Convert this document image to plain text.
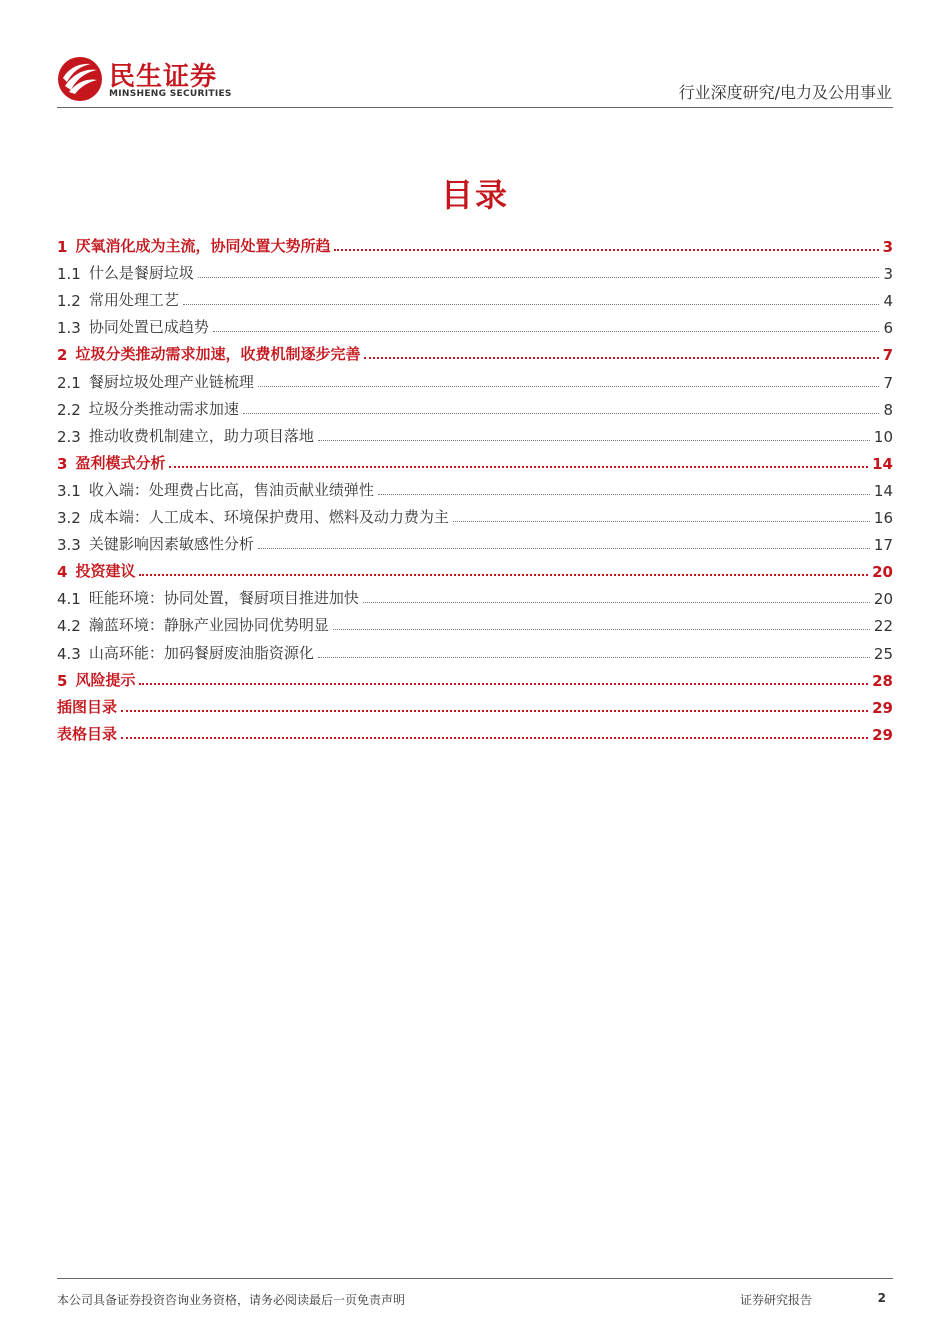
民生证券
MINSHENG SECURITIES	行业深度研究/电力及公用事业
目录
1 厌氧消化成为主流，协同处置大势所趋	3
1.1 什么是餐厨垃圾	3
1.2 常用处理工艺	4
1.3 协同处置已成趋势	6
2 垃圾分类推动需求加速，收费机制逐步完善	7
2.1 餐厨垃圾处理产业链梳理	7
2.2 垃圾分类推动需求加速	8
2.3 推动收费机制建立，助力项目落地	10
3 盈利模式分析	14
3.1 收入端：处理费占比高，售油贡献业绩弹性	14
3.2 成本端：人工成本、环境保护费用、燃料及动力费为主	16
3.3 关键影响因素敏感性分析	17
4 投资建议	20
4.1 旺能环境：协同处置，餐厨项目推进加快	20
4.2 瀚蓝环境：静脉产业园协同优势明显	22
4.3 山高环能：加码餐厨废油脂资源化	25
5 风险提示	28
插图目录	29
表格目录	29
本公司具备证券投资咨询业务资格，请务必阅读最后一页免责声明	证券研究报告	2
